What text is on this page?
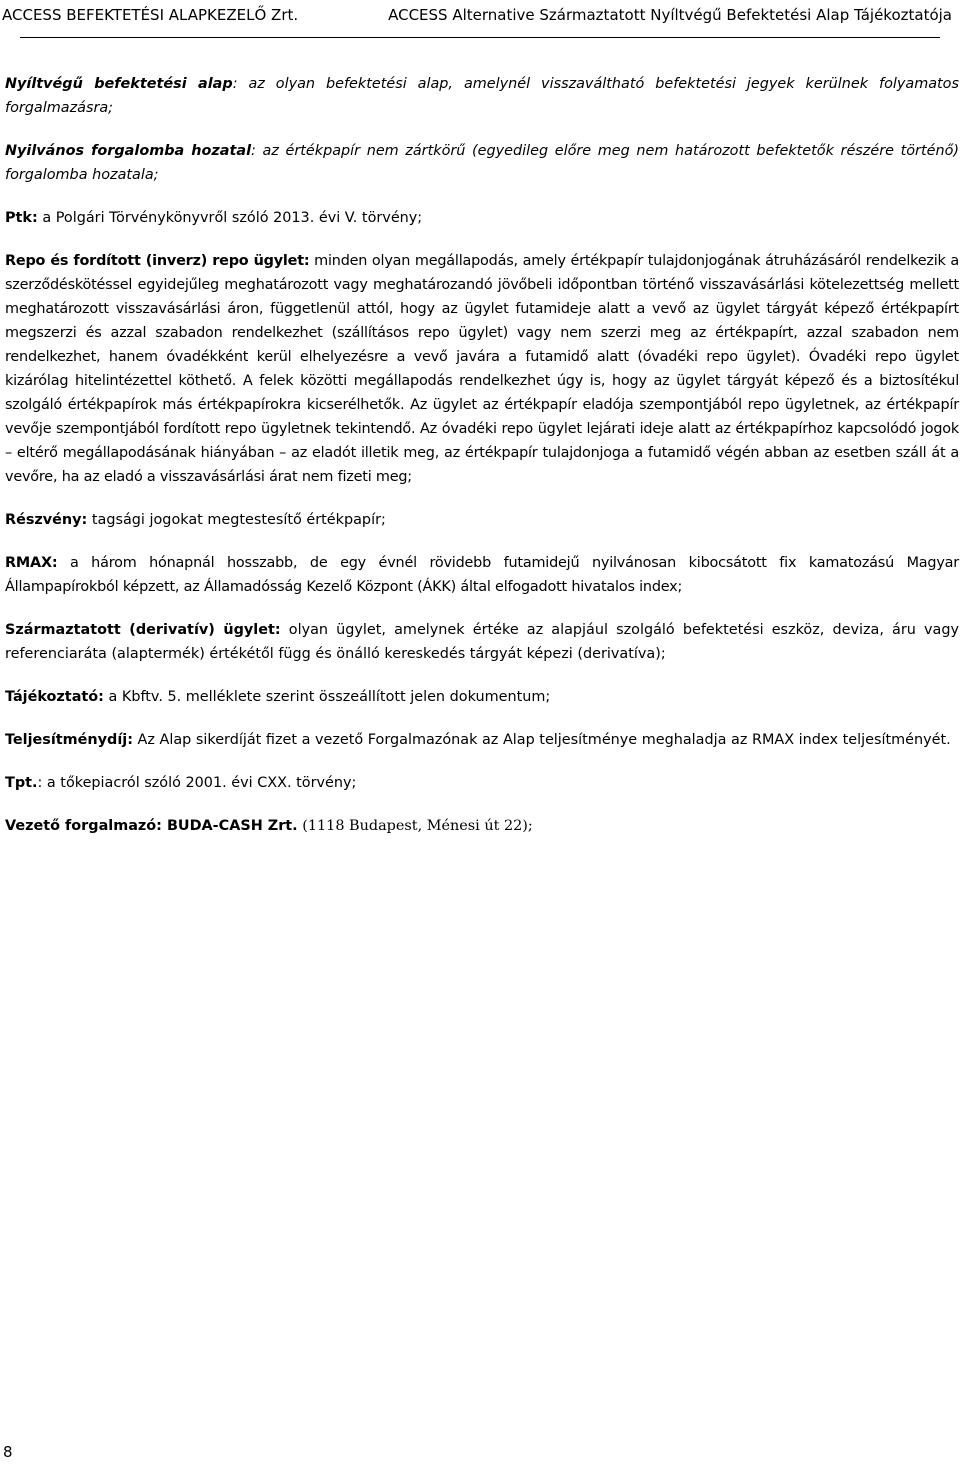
ACCESS BEFEKTETÉSI ALAPKEZELŐ Zrt.	ACCESS Alternative Származtatott Nyíltvégű Befektetési Alap Tájékoztatója

Nyíltvégű befektetési alap: az olyan befektetési alap, amelynél visszaváltható befektetési jegyek kerülnek folyamatos forgalmazásra;

Nyilvános forgalomba hozatal: az értékpapír nem zártkörű (egyedileg előre meg nem határozott befektetők részére történő) forgalomba hozatala;

Ptk: a Polgári Törvénykönyvről szóló 2013. évi V. törvény;

Repo és fordított (inverz) repo ügylet: minden olyan megállapodás, amely értékpapír tulajdonjogának átruházásáról rendelkezik a szerződéskötéssel egyidejűleg meghatározott vagy meghatározandó jövőbeli időpontban történő visszavásárlási kötelezettség mellett meghatározott visszavásárlási áron, függetlenül attól, hogy az ügylet futamideje alatt a vevő az ügylet tárgyát képező értékpapírt megszerzi és azzal szabadon rendelkezhet (szállításos repo ügylet) vagy nem szerzi meg az értékpapírt, azzal szabadon nem rendelkezhet, hanem óvadékként kerül elhelyezésre a vevő javára a futamidő alatt (óvadéki repo ügylet). Óvadéki repo ügylet kizárólag hitelintézettel köthető. A felek közötti megállapodás rendelkezhet úgy is, hogy az ügylet tárgyát képező és a biztosítékul szolgáló értékpapírok más értékpapírokra kicserélhetők. Az ügylet az értékpapír eladója szempontjából repo ügyletnek, az értékpapír vevője szempontjából fordított repo ügyletnek tekintendő. Az óvadéki repo ügylet lejárati ideje alatt az értékpapírhoz kapcsolódó jogok – eltérő megállapodásának hiányában – az eladót illetik meg, az értékpapír tulajdonjoga a futamidő végén abban az esetben száll át a vevőre, ha az eladó a visszavásárlási árat nem fizeti meg;

Részvény: tagsági jogokat megtestesítő értékpapír;

RMAX: a három hónapnál hosszabb, de egy évnél rövidebb futamidejű nyilvánosan kibocsátott fix kamatozású Magyar Állampapírokból képzett, az Államadósság Kezelő Központ (ÁKK) által elfogadott hivatalos index;

Származtatott (derivatív) ügylet: olyan ügylet, amelynek értéke az alapjául szolgáló befektetési eszköz, deviza, áru vagy referenciaráta (alaptermék) értékétől függ és önálló kereskedés tárgyát képezi (derivatíva);

Tájékoztató: a Kbftv. 5. melléklete szerint összeállított jelen dokumentum;

Teljesítménydíj: Az Alap sikerdíját fizet a vezető Forgalmazónak az Alap teljesítménye meghaladja az RMAX index teljesítményét.

Tpt.: a tőkepiacról szóló 2001. évi CXX. törvény;

Vezető forgalmazó: BUDA-CASH Zrt. (1118 Budapest, Ménesi út 22);

8
